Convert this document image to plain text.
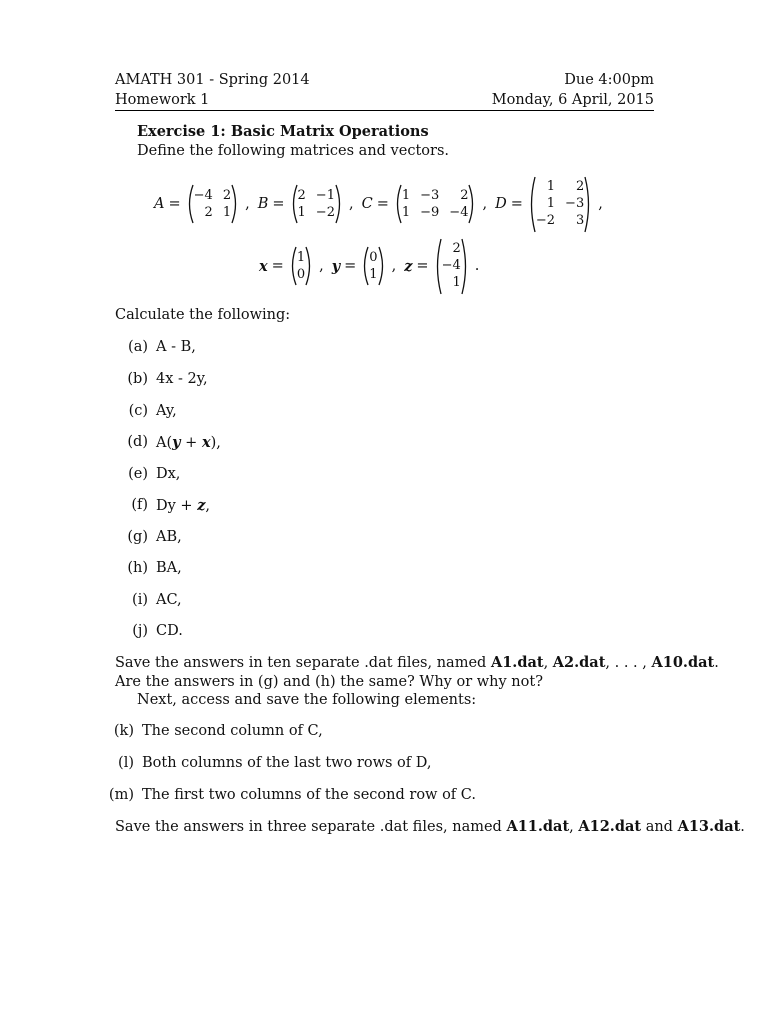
AMATH 301 - Spring 2014
Homework 1
Due 4:00pm
Monday, 6 April, 2015
Exercise 1: Basic Matrix Operations
Define the following matrices and vectors.
A =
−4 2
2 1 , B =
2 −1
1 −2 , C =
1 −3	2
1 −9 −4 , D =
1	2
1 −3
−2	3
,
x =
1
0 , y =
0
1 , z =
2
−4
1
.
Calculate the following:
(a) A - B,
(b) 4x - 2y,
(c) Ay,
(d) A(y + x),
(e) Dx,
(f) Dy + z,
(g) AB,
(h) BA,
(i) AC,
(j) CD.
Save the answers in ten separate .dat files, named A1.dat, A2.dat, . . . , A10.dat.
Are the answers in (g) and (h) the same? Why or why not?
Next, access and save the following elements:
(k) The second column of C,
(l) Both columns of the last two rows of D,
(m) The first two columns of the second row of C.
Save the answers in three separate .dat files, named A11.dat, A12.dat and A13.dat.
